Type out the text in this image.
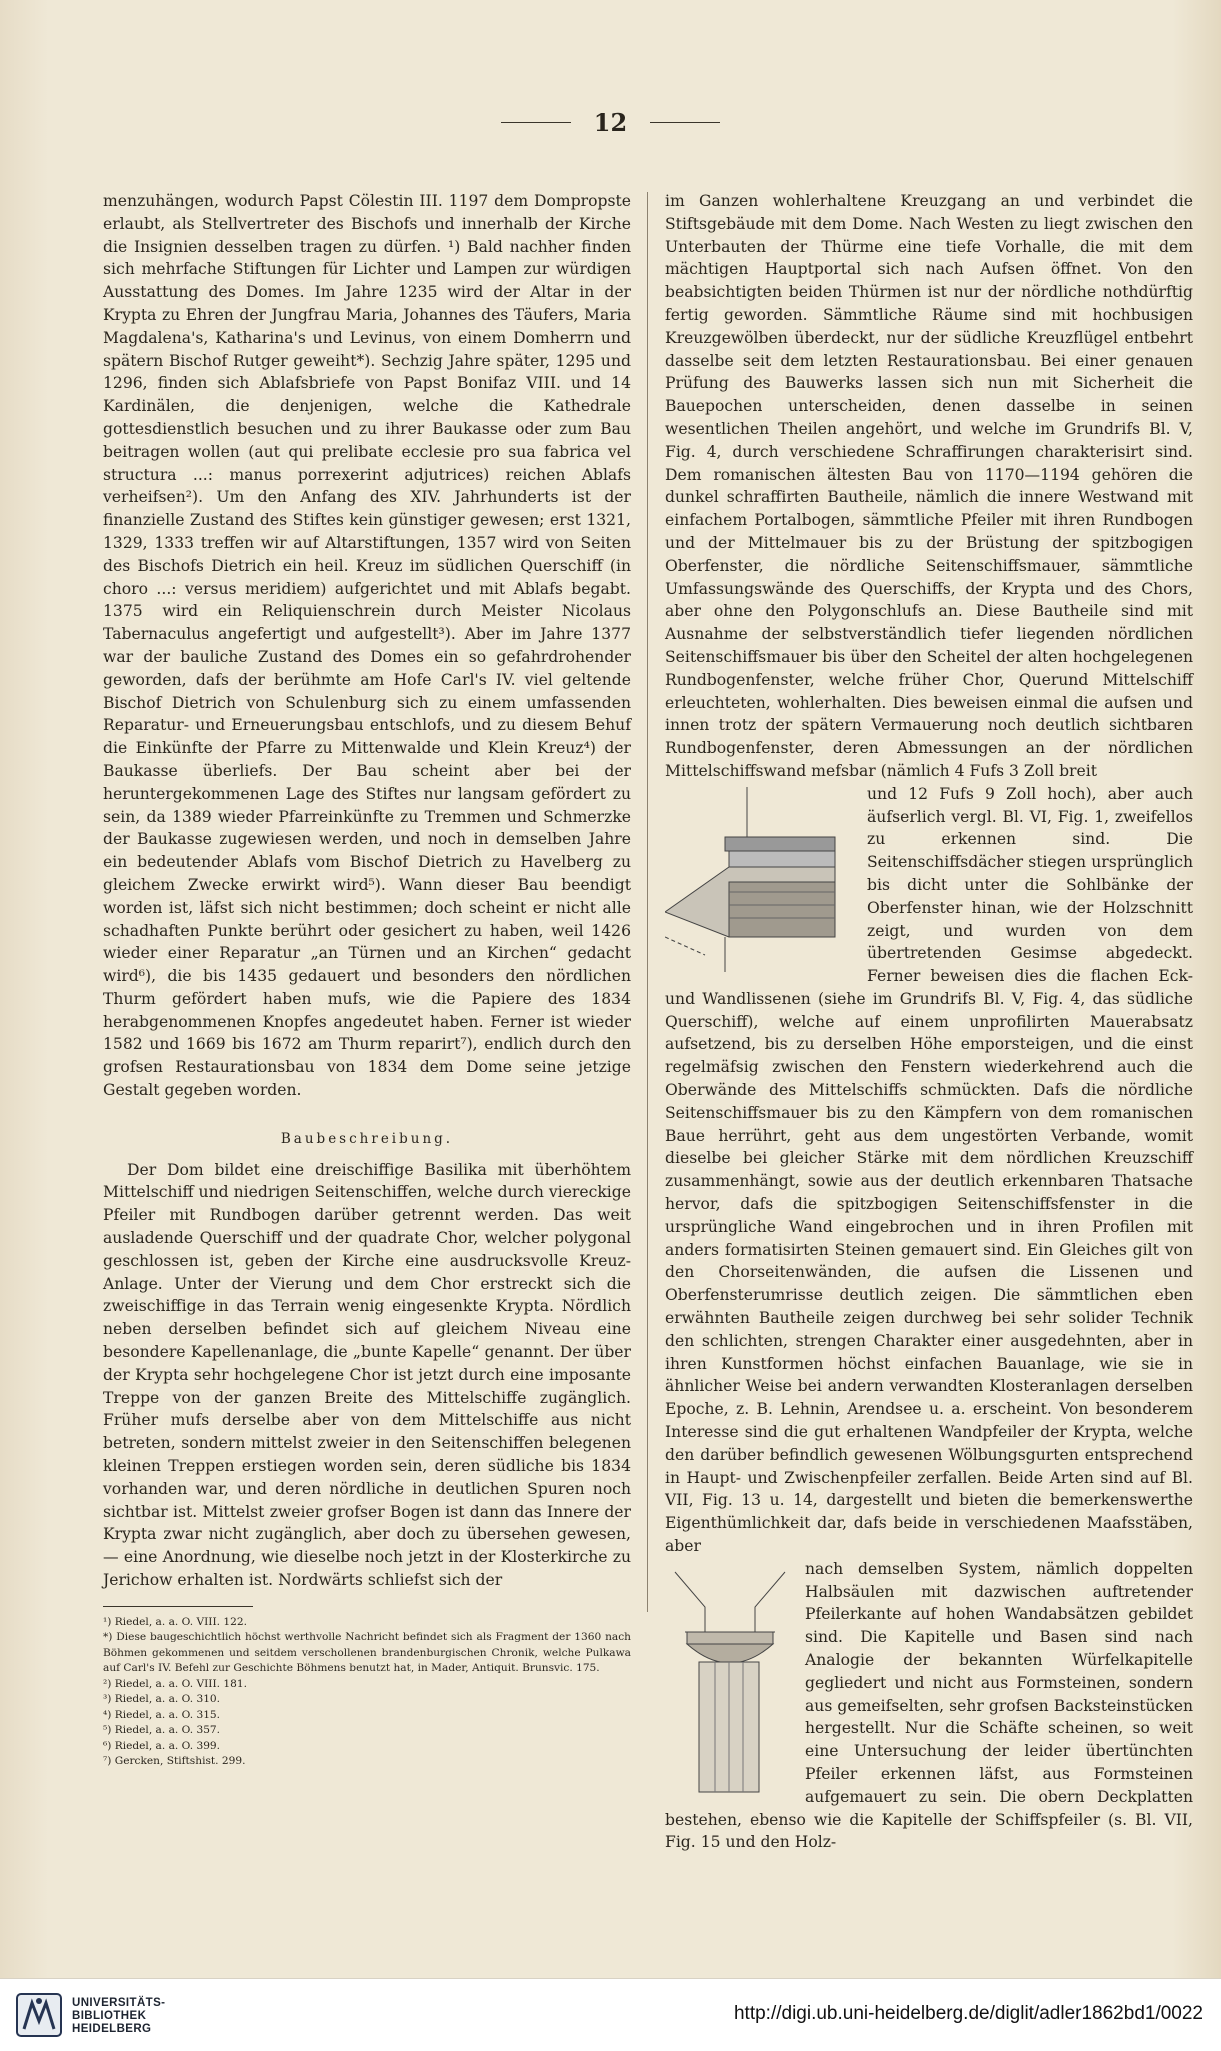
12

menzuhängen, wodurch Papst Cölestin III. 1197 dem Dompropste erlaubt, als Stellvertreter des Bischofs und innerhalb der Kirche die Insignien desselben tragen zu dürfen. ¹) Bald nachher finden sich mehrfache Stiftungen für Lichter und Lampen zur würdigen Ausstattung des Domes. Im Jahre 1235 wird der Altar in der Krypta zu Ehren der Jungfrau Maria, Johannes des Täufers, Maria Magdalena's, Katharina's und Levinus, von einem Domherrn und spätern Bischof Rutger geweiht*). Sechzig Jahre später, 1295 und 1296, finden sich Ablafsbriefe von Papst Bonifaz VIII. und 14 Kardinälen, die denjenigen, welche die Kathedrale gottesdienstlich besuchen und zu ihrer Baukasse oder zum Bau beitragen wollen (aut qui prelibate ecclesie pro sua fabrica vel structura ...: manus porrexerint adjutrices) reichen Ablafs verheifsen²). Um den Anfang des XIV. Jahrhunderts ist der finanzielle Zustand des Stiftes kein günstiger gewesen; erst 1321, 1329, 1333 treffen wir auf Altarstiftungen, 1357 wird von Seiten des Bischofs Dietrich ein heil. Kreuz im südlichen Querschiff (in choro ...: versus meridiem) aufgerichtet und mit Ablafs begabt. 1375 wird ein Reliquienschrein durch Meister Nicolaus Tabernaculus angefertigt und aufgestellt³). Aber im Jahre 1377 war der bauliche Zustand des Domes ein so gefahrdrohender geworden, dafs der berühmte am Hofe Carl's IV. viel geltende Bischof Dietrich von Schulenburg sich zu einem umfassenden Reparatur- und Erneuerungsbau entschlofs, und zu diesem Behuf die Einkünfte der Pfarre zu Mittenwalde und Klein Kreuz⁴) der Baukasse überliefs. Der Bau scheint aber bei der heruntergekommenen Lage des Stiftes nur langsam gefördert zu sein, da 1389 wieder Pfarreinkünfte zu Tremmen und Schmerzke der Baukasse zugewiesen werden, und noch in demselben Jahre ein bedeutender Ablafs vom Bischof Dietrich zu Havelberg zu gleichem Zwecke erwirkt wird⁵). Wann dieser Bau beendigt worden ist, läfst sich nicht bestimmen; doch scheint er nicht alle schadhaften Punkte berührt oder gesichert zu haben, weil 1426 wieder einer Reparatur „an Türnen und an Kirchen“ gedacht wird⁶), die bis 1435 gedauert und besonders den nördlichen Thurm gefördert haben mufs, wie die Papiere des 1834 herabgenommenen Knopfes angedeutet haben. Ferner ist wieder 1582 und 1669 bis 1672 am Thurm reparirt⁷), endlich durch den grofsen Restaurationsbau von 1834 dem Dome seine jetzige Gestalt gegeben worden.

Baubeschreibung.

Der Dom bildet eine dreischiffige Basilika mit überhöhtem Mittelschiff und niedrigen Seitenschiffen, welche durch viereckige Pfeiler mit Rundbogen darüber getrennt werden. Das weit ausladende Querschiff und der quadrate Chor, welcher polygonal geschlossen ist, geben der Kirche eine ausdrucksvolle Kreuz-Anlage. Unter der Vierung und dem Chor erstreckt sich die zweischiffige in das Terrain wenig eingesenkte Krypta. Nördlich neben derselben befindet sich auf gleichem Niveau eine besondere Kapellenanlage, die „bunte Kapelle“ genannt. Der über der Krypta sehr hochgelegene Chor ist jetzt durch eine imposante Treppe von der ganzen Breite des Mittelschiffe zugänglich. Früher mufs derselbe aber von dem Mittelschiffe aus nicht betreten, sondern mittelst zweier in den Seitenschiffen belegenen kleinen Treppen erstiegen worden sein, deren südliche bis 1834 vorhanden war, und deren nördliche in deutlichen Spuren noch sichtbar ist. Mittelst zweier grofser Bogen ist dann das Innere der Krypta zwar nicht zugänglich, aber doch zu übersehen gewesen, — eine Anordnung, wie dieselbe noch jetzt in der Klosterkirche zu Jerichow erhalten ist. Nordwärts schliefst sich der

¹) Riedel, a. a. O. VIII. 122.
*) Diese baugeschichtlich höchst werthvolle Nachricht befindet sich als Fragment der 1360 nach Böhmen gekommenen und seitdem verschollenen brandenburgischen Chronik, welche Pulkawa auf Carl's IV. Befehl zur Geschichte Böhmens benutzt hat, in Mader, Antiquit. Brunsvic. 175.
²) Riedel, a. a. O. VIII. 181.
³) Riedel, a. a. O. 310.
⁴) Riedel, a. a. O. 315.
⁵) Riedel, a. a. O. 357.
⁶) Riedel, a. a. O. 399.
⁷) Gercken, Stiftshist. 299.

im Ganzen wohlerhaltene Kreuzgang an und verbindet die Stiftsgebäude mit dem Dome. Nach Westen zu liegt zwischen den Unterbauten der Thürme eine tiefe Vorhalle, die mit dem mächtigen Hauptportal sich nach Aufsen öffnet. Von den beabsichtigten beiden Thürmen ist nur der nördliche nothdürftig fertig geworden. Sämmtliche Räume sind mit hochbusigen Kreuzgewölben überdeckt, nur der südliche Kreuzflügel entbehrt dasselbe seit dem letzten Restaurationsbau. Bei einer genauen Prüfung des Bauwerks lassen sich nun mit Sicherheit die Bauepochen unterscheiden, denen dasselbe in seinen wesentlichen Theilen angehört, und welche im Grundrifs Bl. V, Fig. 4, durch verschiedene Schraffirungen charakterisirt sind. Dem romanischen ältesten Bau von 1170—1194 gehören die dunkel schraffirten Bautheile, nämlich die innere Westwand mit einfachem Portalbogen, sämmtliche Pfeiler mit ihren Rundbogen und der Mittelmauer bis zu der Brüstung der spitzbogigen Oberfenster, die nördliche Seitenschiffsmauer, sämmtliche Umfassungswände des Querschiffs, der Krypta und des Chors, aber ohne den Polygonschlufs an. Diese Bautheile sind mit Ausnahme der selbstverständlich tiefer liegenden nördlichen Seitenschiffsmauer bis über den Scheitel der alten hochgelegenen Rundbogenfenster, welche früher Chor, Querund Mittelschiff erleuchteten, wohlerhalten. Dies beweisen einmal die aufsen und innen trotz der spätern Vermauerung noch deutlich sichtbaren Rundbogenfenster, deren Abmessungen an der nördlichen Mittelschiffswand mefsbar (nämlich 4 Fufs 3 Zoll breit

und 12 Fufs 9 Zoll hoch), aber auch äufserlich vergl. Bl. VI, Fig. 1, zweifellos zu erkennen sind. Die Seitenschiffsdächer stiegen ursprünglich bis dicht unter die Sohlbänke der Oberfenster hinan, wie der Holzschnitt zeigt, und wurden von dem übertretenden Gesimse abgedeckt. Ferner beweisen dies die flachen Eck- und Wandlissenen (siehe im Grundrifs Bl. V, Fig. 4, das südliche Querschiff), welche auf einem unprofilirten Mauerabsatz aufsetzend, bis zu derselben Höhe emporsteigen, und die einst regelmäfsig zwischen den Fenstern wiederkehrend auch die Oberwände des Mittelschiffs schmückten. Dafs die nördliche Seitenschiffsmauer bis zu den Kämpfern von dem romanischen Baue herrührt, geht aus dem ungestörten Verbande, womit dieselbe bei gleicher Stärke mit dem nördlichen Kreuzschiff zusammenhängt, sowie aus der deutlich erkennbaren Thatsache hervor, dafs die spitzbogigen Seitenschiffsfenster in die ursprüngliche Wand eingebrochen und in ihren Profilen mit anders formatisirten Steinen gemauert sind. Ein Gleiches gilt von den Chorseitenwänden, die aufsen die Lissenen und Oberfensterumrisse deutlich zeigen. Die sämmtlichen eben erwähnten Bautheile zeigen durchweg bei sehr solider Technik den schlichten, strengen Charakter einer ausgedehnten, aber in ihren Kunstformen höchst einfachen Bauanlage, wie sie in ähnlicher Weise bei andern verwandten Klosteranlagen derselben Epoche, z. B. Lehnin, Arendsee u. a. erscheint. Von besonderem Interesse sind die gut erhaltenen Wandpfeiler der Krypta, welche den darüber befindlich gewesenen Wölbungsgurten entsprechend in Haupt- und Zwischenpfeiler zerfallen. Beide Arten sind auf Bl. VII, Fig. 13 u. 14, dargestellt und bieten die bemerkenswerthe Eigenthümlichkeit dar, dafs beide in verschiedenen Maafsstäben, aber

nach demselben System, nämlich doppelten Halbsäulen mit dazwischen auftretender Pfeilerkante auf hohen Wandabsätzen gebildet sind. Die Kapitelle und Basen sind nach Analogie der bekannten Würfelkapitelle gegliedert und nicht aus Formsteinen, sondern aus gemeifselten, sehr grofsen Backsteinstücken hergestellt. Nur die Schäfte scheinen, so weit eine Untersuchung der leider übertünchten Pfeiler erkennen läfst, aus Formsteinen aufgemauert zu sein. Die obern Deckplatten bestehen, ebenso wie die Kapitelle der Schiffspfeiler (s. Bl. VII, Fig. 15 und den Holz-

UNIVERSITÄTS-
BIBLIOTHEK
HEIDELBERG
http://digi.ub.uni-heidelberg.de/diglit/adler1862bd1/0022
